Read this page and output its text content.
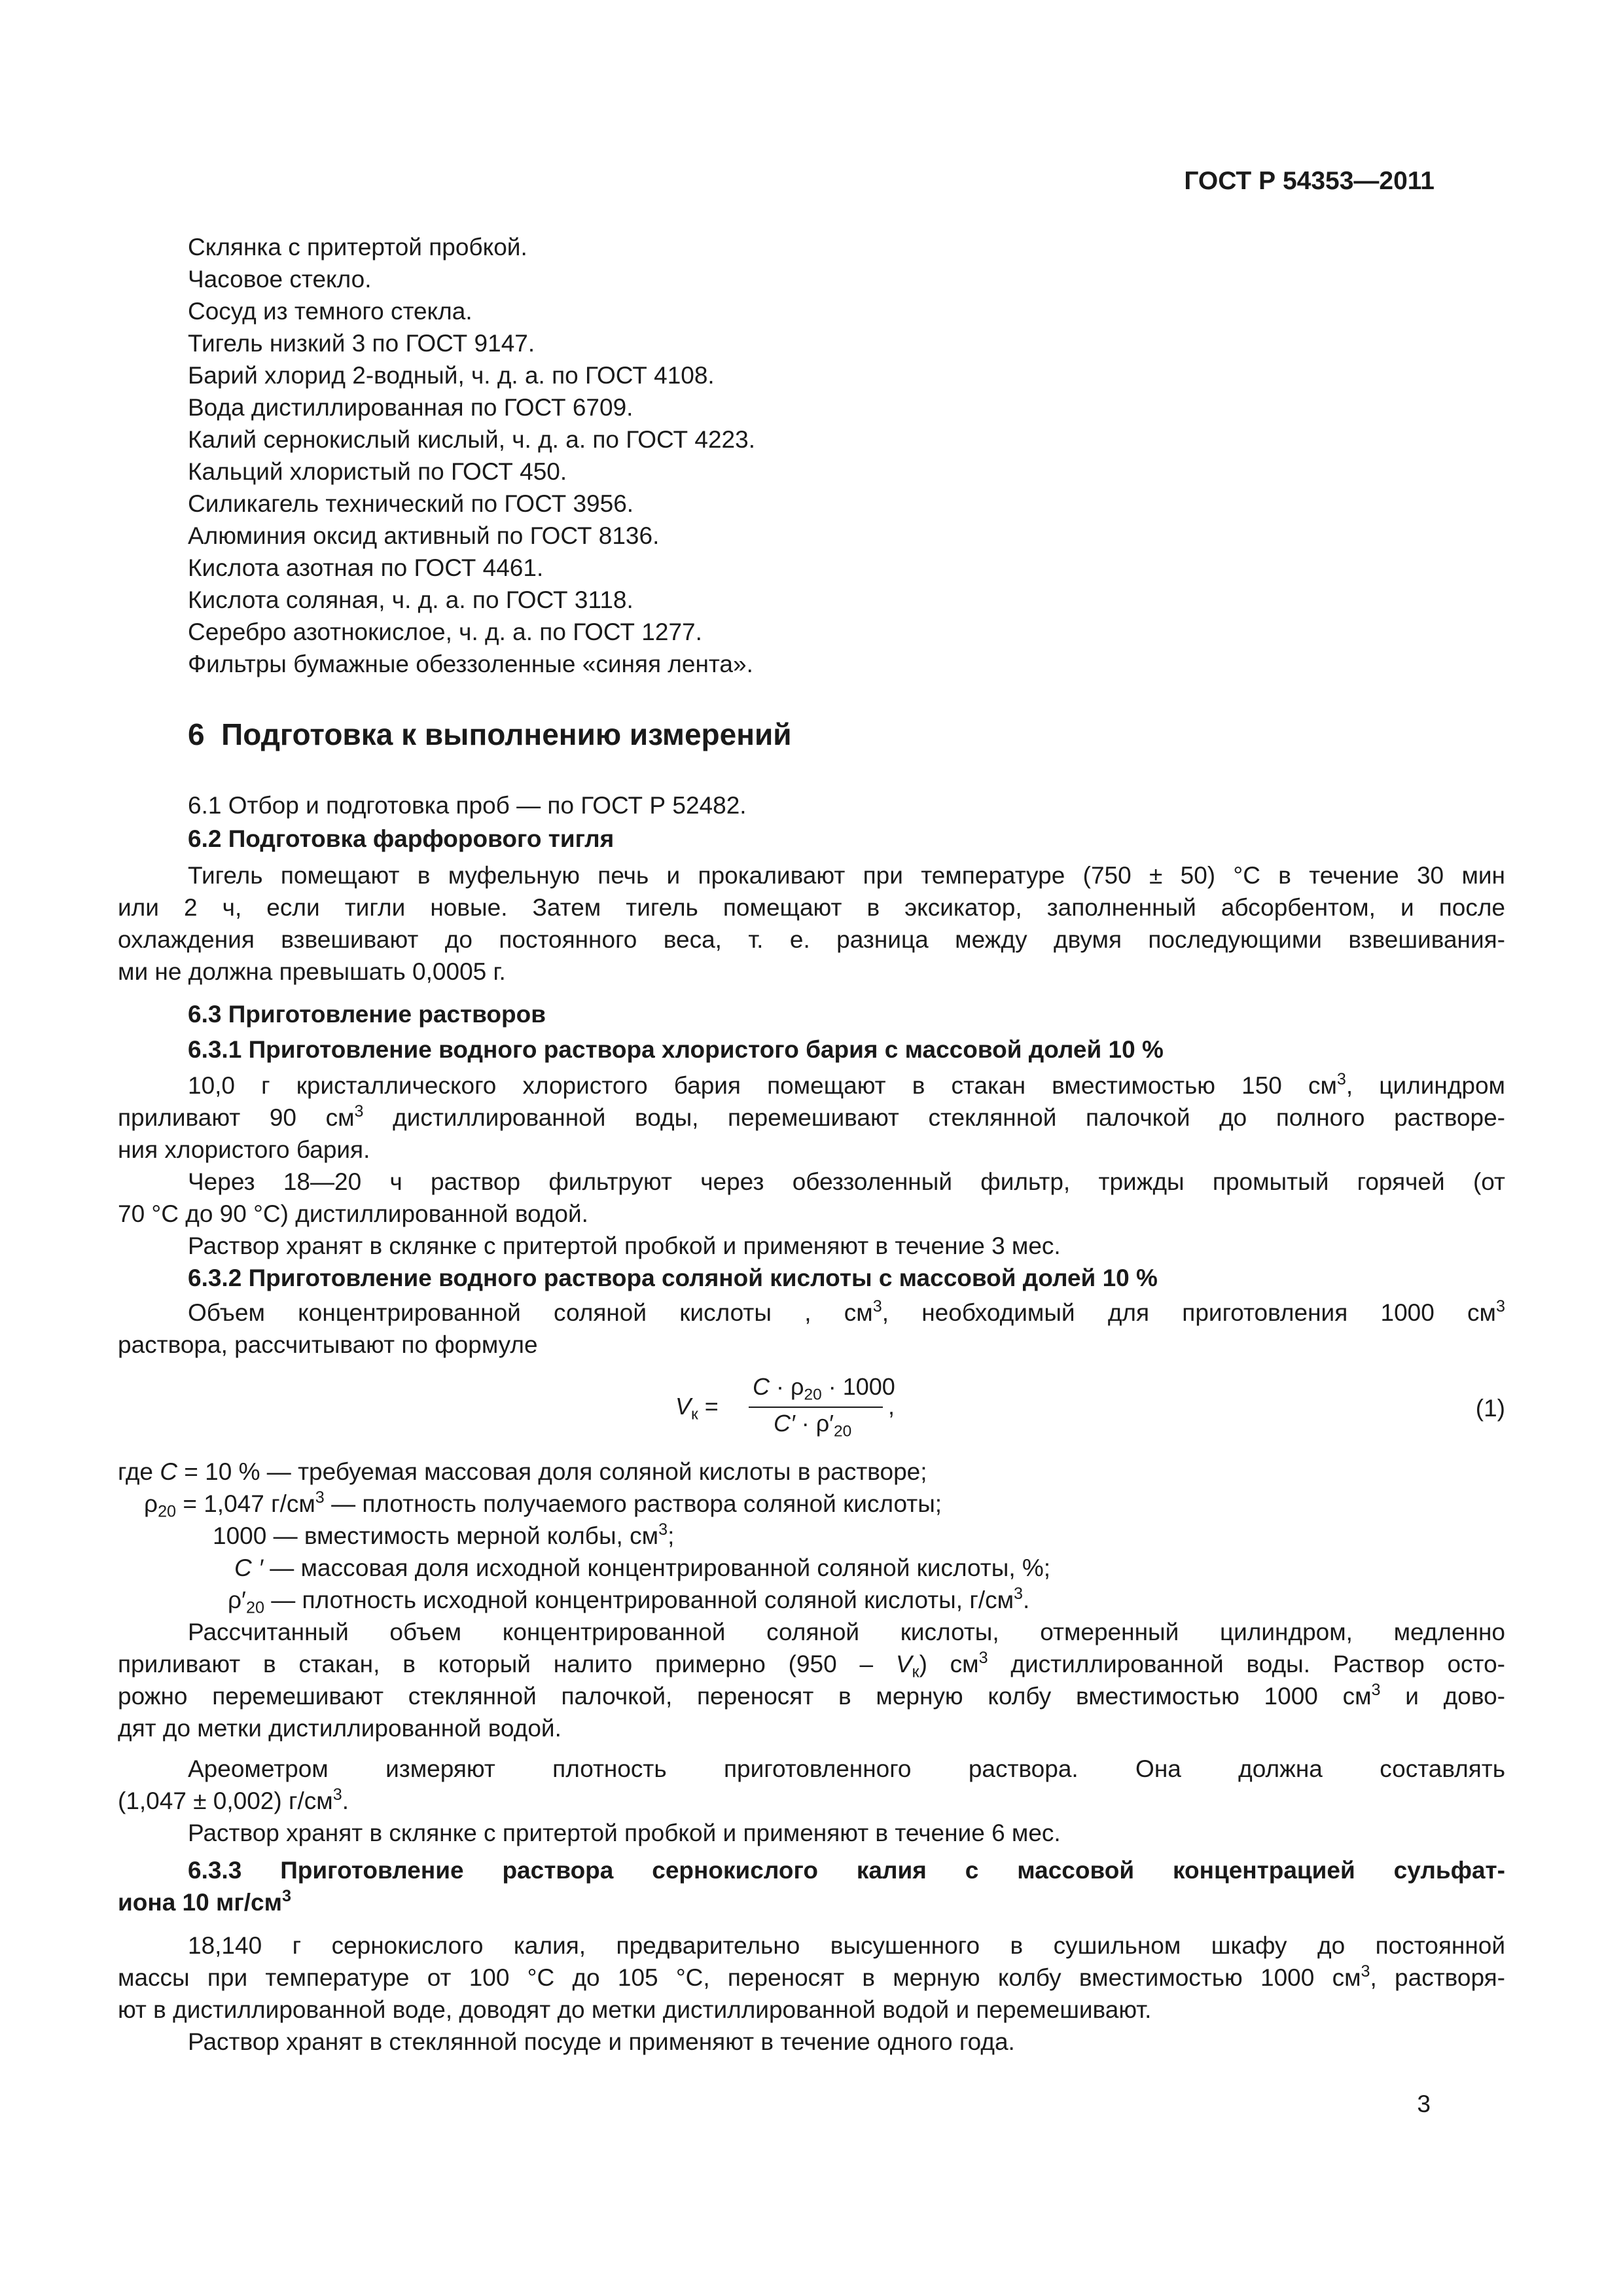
ГОСТ Р 54353—2011

Склянка с притертой пробкой.

Часовое стекло.

Сосуд из темного стекла.

Тигель низкий 3 по ГОСТ 9147.

Барий хлорид 2-водный, ч. д. а. по ГОСТ 4108.

Вода дистиллированная по ГОСТ 6709.

Калий сернокислый кислый, ч. д. а. по ГОСТ 4223.

Кальций хлористый по ГОСТ 450.

Силикагель технический по ГОСТ 3956.

Алюминия оксид активный по ГОСТ 8136.

Кислота азотная по ГОСТ 4461.

Кислота соляная, ч. д. а. по ГОСТ 3118.

Серебро азотнокислое, ч. д. а. по ГОСТ 1277.

Фильтры бумажные обеззоленные «синяя лента».

6 Подготовка к выполнению измерений

6.1 Отбор и подготовка проб — по ГОСТ Р 52482.

6.2 Подготовка фарфорового тигля

Тигель помещают в муфельную печь и прокаливают при температуре (750 ± 50) °С в течение 30 мин

или 2 ч, если тигли новые. Затем тигель помещают в эксикатор, заполненный абсорбентом, и после

охлаждения взвешивают до постоянного веса, т. е. разница между двумя последующими взвешивания-

ми не должна превышать 0,0005 г.

6.3 Приготовление растворов

6.3.1 Приготовление водного раствора хлористого бария с массовой долей 10 %

10,0 г кристаллического хлористого бария помещают в стакан вместимостью 150 $см^3$, цилиндром

приливают 90 $см^3$ дистиллированной воды, перемешивают стеклянной палочкой до полного растворе-

ния хлористого бария.

Через 18—20 ч раствор фильтруют через обеззоленный фильтр, трижды промытый горячей (от

70 °С до 90 °С) дистиллированной водой.

Раствор хранят в склянке с притертой пробкой и применяют в течение 3 мес.

6.3.2 Приготовление водного раствора соляной кислоты с массовой долей 10 %

Объем концентрированной соляной кислоты , $см^3$, необходимый для приготовления 1000 $см^3$

раствора, рассчитывают по формуле

$V_к$ =
$C \cdot \rho_{20} \cdot 1000$
$C' \cdot \rho'_{20}$
,	(1)

где C = 10 % — требуемая массовая доля соляной кислоты в растворе;

$\rho_{20} = 1,047$ $г/см^3$ — плотность получаемого раствора соляной кислоты;

1000 — вместимость мерной колбы, $см^3$;

C ′ — массовая доля исходной концентрированной соляной кислоты, %;

$\rho'_{20}$ — плотность исходной концентрированной соляной кислоты, $г/см^3$.

Рассчитанный объем концентрированной соляной кислоты, отмеренный цилиндром, медленно

приливают в стакан, в который налито примерно $(950 - V_к)$ $см^3$ дистиллированной воды. Раствор осто-

рожно перемешивают стеклянной палочкой, переносят в мерную колбу вместимостью 1000 $см^3$ и дово-

дят до метки дистиллированной водой.

Ареометром измеряют плотность приготовленного раствора. Она должна составлять

(1,047 ± 0,002) $г/см^3$.

Раствор хранят в склянке с притертой пробкой и применяют в течение 6 мес.

6.3.3 Приготовление раствора сернокислого калия с массовой концентрацией сульфат-

иона 10 $мг/см^3$

18,140 г сернокислого калия, предварительно высушенного в сушильном шкафу до постоянной

массы при температуре от 100 °С до 105 °С, переносят в мерную колбу вместимостью 1000 $см^3$, растворя-

ют в дистиллированной воде, доводят до метки дистиллированной водой и перемешивают.

Раствор хранят в стеклянной посуде и применяют в течение одного года.

3
